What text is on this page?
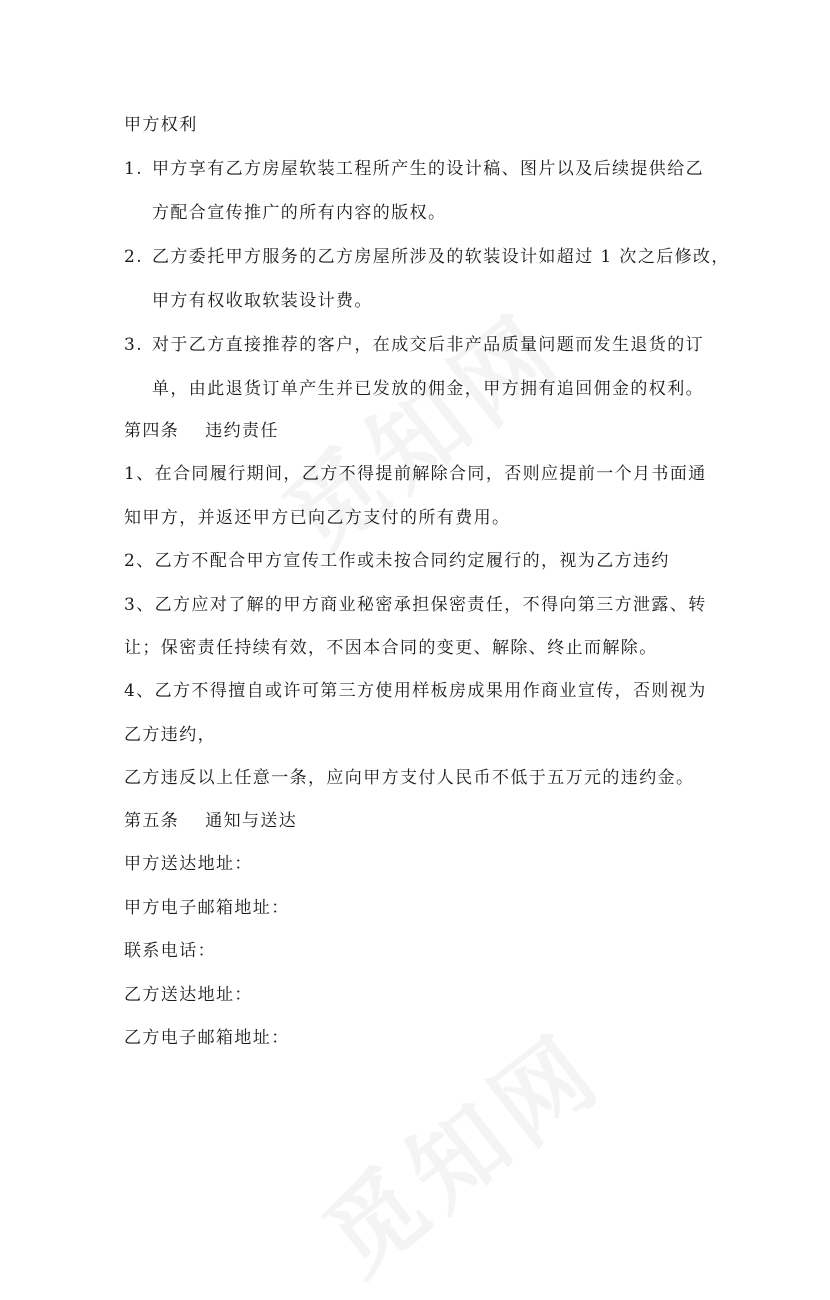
甲方权利
1. 甲方享有乙方房屋软装工程所产生的设计稿、图片以及后续提供给乙
方配合宣传推广的所有内容的版权。
2. 乙方委托甲方服务的乙方房屋所涉及的软装设计如超过 1 次之后修改，
甲方有权收取软装设计费。
3. 对于乙方直接推荐的客户，在成交后非产品质量问题而发生退货的订
单，由此退货订单产生并已发放的佣金，甲方拥有追回佣金的权利。
第四条 违约责任
1、在合同履行期间，乙方不得提前解除合同，否则应提前一个月书面通
知甲方，并返还甲方已向乙方支付的所有费用。
2、乙方不配合甲方宣传工作或未按合同约定履行的，视为乙方违约
3、乙方应对了解的甲方商业秘密承担保密责任，不得向第三方泄露、转
让；保密责任持续有效，不因本合同的变更、解除、终止而解除。
4、乙方不得擅自或许可第三方使用样板房成果用作商业宣传，否则视为
乙方违约，
乙方违反以上任意一条，应向甲方支付人民币不低于五万元的违约金。
第五条 通知与送达
甲方送达地址：
甲方电子邮箱地址：
联系电话：
乙方送达地址：
乙方电子邮箱地址：
